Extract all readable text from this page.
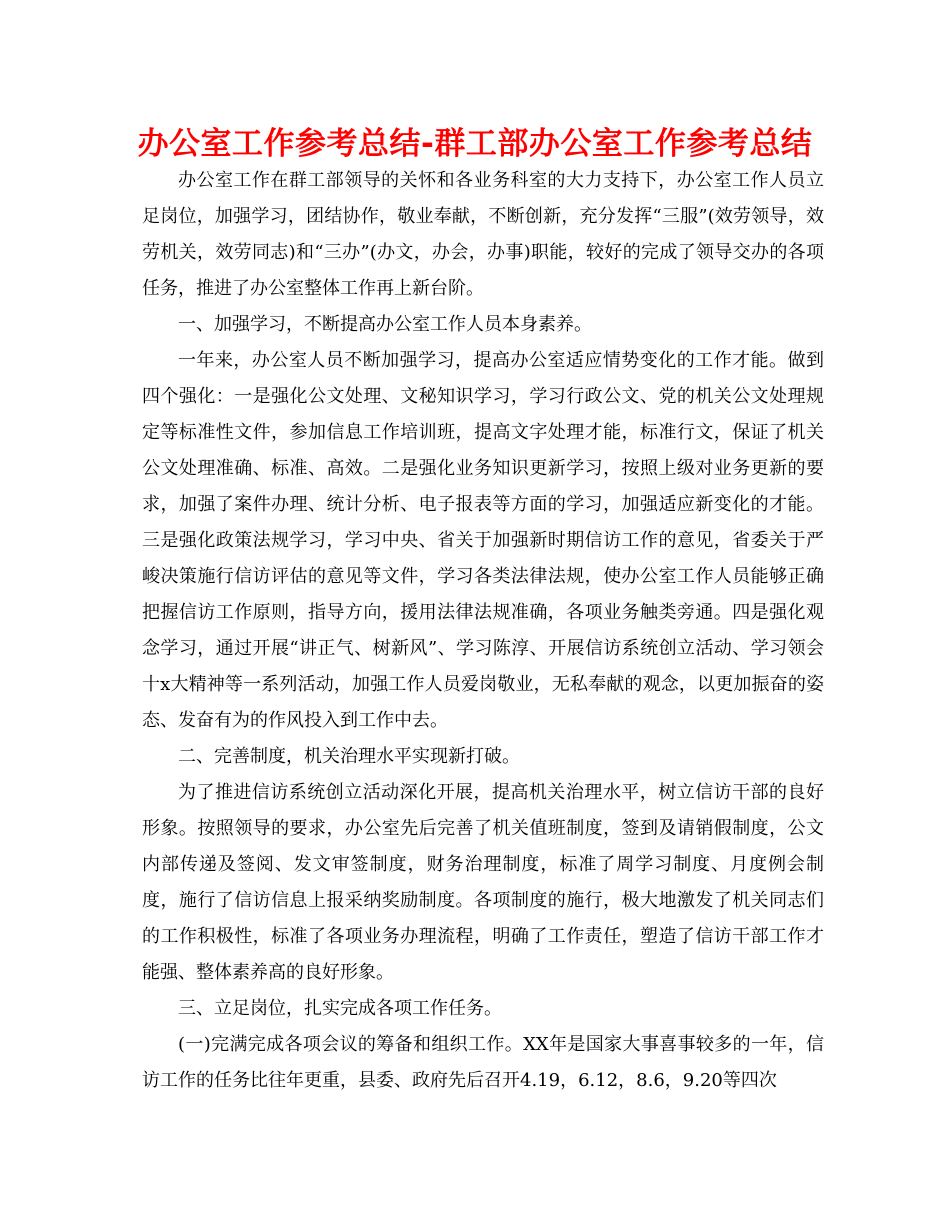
办公室工作参考总结-群工部办公室工作参考总结

办公室工作在群工部领导的关怀和各业务科室的大力支持下，办公室工作人员立足岗位，加强学习，团结协作，敬业奉献，不断创新，充分发挥“三服”(效劳领导，效劳机关，效劳同志)和“三办”(办文，办会，办事)职能，较好的完成了领导交办的各项任务，推进了办公室整体工作再上新台阶。

一、加强学习，不断提高办公室工作人员本身素养。

一年来，办公室人员不断加强学习，提高办公室适应情势变化的工作才能。做到四个强化：一是强化公文处理、文秘知识学习，学习行政公文、党的机关公文处理规定等标准性文件，参加信息工作培训班，提高文字处理才能，标准行文，保证了机关公文处理准确、标准、高效。二是强化业务知识更新学习，按照上级对业务更新的要求，加强了案件办理、统计分析、电子报表等方面的学习，加强适应新变化的才能。三是强化政策法规学习，学习中央、省关于加强新时期信访工作的意见，省委关于严峻决策施行信访评估的意见等文件，学习各类法律法规，使办公室工作人员能够正确把握信访工作原则，指导方向，援用法律法规准确，各项业务触类旁通。四是强化观念学习，通过开展“讲正气、树新风”、学习陈淳、开展信访系统创立活动、学习领会十x大精神等一系列活动，加强工作人员爱岗敬业，无私奉献的观念，以更加振奋的姿态、发奋有为的作风投入到工作中去。

二、完善制度，机关治理水平实现新打破。

为了推进信访系统创立活动深化开展，提高机关治理水平，树立信访干部的良好形象。按照领导的要求，办公室先后完善了机关值班制度，签到及请销假制度，公文内部传递及签阅、发文审签制度，财务治理制度，标准了周学习制度、月度例会制度，施行了信访信息上报采纳奖励制度。各项制度的施行，极大地激发了机关同志们的工作积极性，标准了各项业务办理流程，明确了工作责任，塑造了信访干部工作才能强、整体素养高的良好形象。

三、立足岗位，扎实完成各项工作任务。

(一)完满完成各项会议的筹备和组织工作。XX年是国家大事喜事较多的一年，信访工作的任务比往年更重，县委、政府先后召开4.19，6.12，8.6，9.20等四次
